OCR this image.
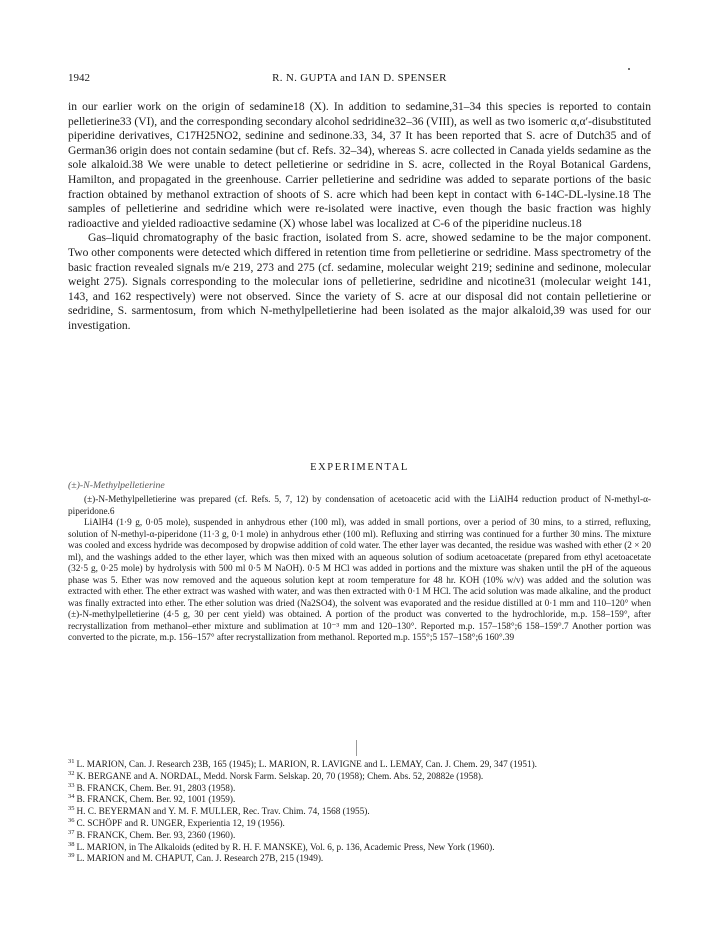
1942	R. N. GUPTA and IAN D. SPENSER

in our earlier work on the origin of sedamine18 (X). In addition to sedamine,31–34 this species is reported to contain pelletierine33 (VI), and the corresponding secondary alcohol sedridine32–36 (VIII), as well as two isomeric α,α′-disubstituted piperidine derivatives, C17H25NO2, sedinine and sedinone.33, 34, 37 It has been reported that S. acre of Dutch35 and of German36 origin does not contain sedamine (but cf. Refs. 32–34), whereas S. acre collected in Canada yields sedamine as the sole alkaloid.38 We were unable to detect pelletierine or sedridine in S. acre, collected in the Royal Botanical Gardens, Hamilton, and propagated in the greenhouse. Carrier pelletierine and sedridine was added to separate portions of the basic fraction obtained by methanol extraction of shoots of S. acre which had been kept in contact with 6-14C-DL-lysine.18 The samples of pelletierine and sedridine which were re-isolated were inactive, even though the basic fraction was highly radioactive and yielded radioactive sedamine (X) whose label was localized at C-6 of the piperidine nucleus.18

Gas–liquid chromatography of the basic fraction, isolated from S. acre, showed sedamine to be the major component. Two other components were detected which differed in retention time from pelletierine or sedridine. Mass spectrometry of the basic fraction revealed signals m/e 219, 273 and 275 (cf. sedamine, molecular weight 219; sedinine and sedinone, molecular weight 275). Signals corresponding to the molecular ions of pelletierine, sedridine and nicotine31 (molecular weight 141, 143, and 162 respectively) were not observed. Since the variety of S. acre at our disposal did not contain pelletierine or sedridine, S. sarmentosum, from which N-methylpelletierine had been isolated as the major alkaloid,39 was used for our investigation.

EXPERIMENTAL
(±)-N-Methylpelletierine

(±)-N-Methylpelletierine was prepared (cf. Refs. 5, 7, 12) by condensation of acetoacetic acid with the LiAlH4 reduction product of N-methyl-α-piperidone.6

LiAlH4 (1·9 g, 0·05 mole), suspended in anhydrous ether (100 ml), was added in small portions, over a period of 30 mins, to a stirred, refluxing, solution of N-methyl-α-piperidone (11·3 g, 0·1 mole) in anhydrous ether (100 ml). Refluxing and stirring was continued for a further 30 mins. The mixture was cooled and excess hydride was decomposed by dropwise addition of cold water. The ether layer was decanted, the residue was washed with ether (2 × 20 ml), and the washings added to the ether layer, which was then mixed with an aqueous solution of sodium acetoacetate (prepared from ethyl acetoacetate (32·5 g, 0·25 mole) by hydrolysis with 500 ml 0·5 M NaOH). 0·5 M HCl was added in portions and the mixture was shaken until the pH of the aqueous phase was 5. Ether was now removed and the aqueous solution kept at room temperature for 48 hr. KOH (10% w/v) was added and the solution was extracted with ether. The ether extract was washed with water, and was then extracted with 0·1 M HCl. The acid solution was made alkaline, and the product was finally extracted into ether. The ether solution was dried (Na2SO4), the solvent was evaporated and the residue distilled at 0·1 mm and 110–120° when (±)-N-methylpelletierine (4·5 g, 30 per cent yield) was obtained. A portion of the product was converted to the hydrochloride, m.p. 158–159°, after recrystallization from methanol–ether mixture and sublimation at 10⁻³ mm and 120–130°. Reported m.p. 157–158°;6 158–159°.7 Another portion was converted to the picrate, m.p. 156–157° after recrystallization from methanol. Reported m.p. 155°;5 157–158°;6 160°.39

$^{31}$ L. MARION, Can. J. Research 23B, 165 (1945); L. MARION, R. LAVIGNE and L. LEMAY, Can. J. Chem. 29, 347 (1951).
$^{32}$ K. BERGANE and A. NORDAL, Medd. Norsk Farm. Selskap. 20, 70 (1958); Chem. Abs. 52, 20882e (1958).
$^{33}$ B. FRANCK, Chem. Ber. 91, 2803 (1958).
$^{34}$ B. FRANCK, Chem. Ber. 92, 1001 (1959).
$^{35}$ H. C. BEYERMAN and Y. M. F. MULLER, Rec. Trav. Chim. 74, 1568 (1955).
$^{36}$ C. SCHÖPF and R. UNGER, Experientia 12, 19 (1956).
$^{37}$ B. FRANCK, Chem. Ber. 93, 2360 (1960).
$^{38}$ L. MARION, in The Alkaloids (edited by R. H. F. MANSKE), Vol. 6, p. 136, Academic Press, New York (1960).
$^{39}$ L. MARION and M. CHAPUT, Can. J. Research 27B, 215 (1949).
